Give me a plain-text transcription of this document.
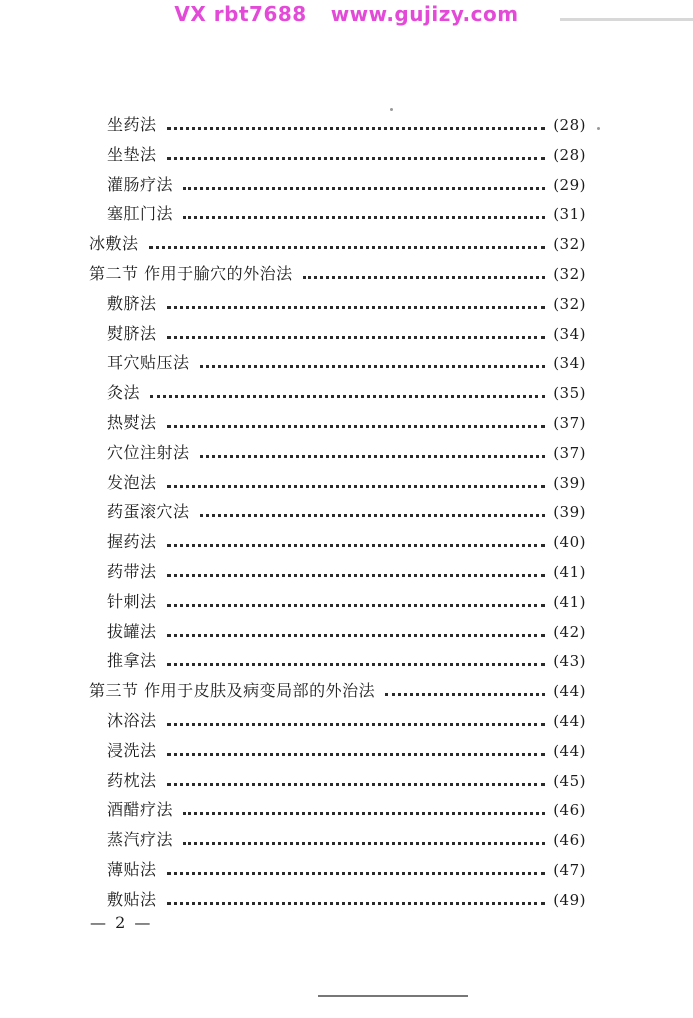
VX rbt7688 www.gujizy.com
坐药法	(28)
坐垫法	(28)
灌肠疗法	(29)
塞肛门法	(31)
冰敷法	(32)
第二节 作用于腧穴的外治法	(32)
敷脐法	(32)
熨脐法	(34)
耳穴贴压法	(34)
灸法	(35)
热熨法	(37)
穴位注射法	(37)
发泡法	(39)
药蛋滚穴法	(39)
握药法	(40)
药带法	(41)
针刺法	(41)
拔罐法	(42)
推拿法	(43)
第三节 作用于皮肤及病变局部的外治法	(44)
沐浴法	(44)
浸洗法	(44)
药枕法	(45)
酒醋疗法	(46)
蒸汽疗法	(46)
薄贴法	(47)
敷贴法	(49)
— 2 —
